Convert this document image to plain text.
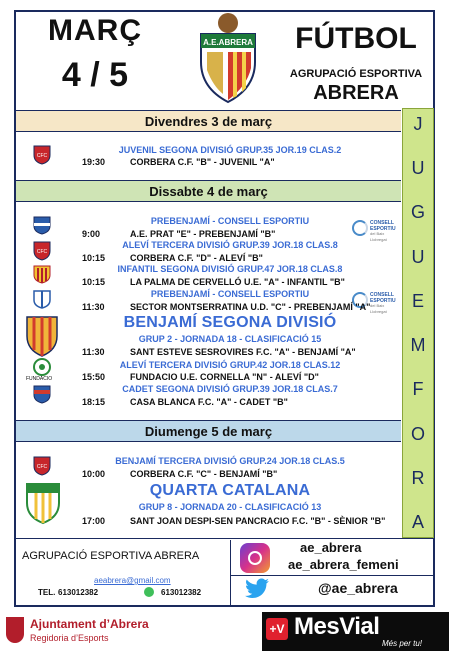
MARÇ
4 / 5
A.E.ABRERA	FÚTBOL
AGRUPACIÓ ESPORTIVA
ABRERA
J
U
G
U
E
M
F
O
R
A
Divendres 3 de març
CFC
JUVENIL SEGONA DIVISIÓ GRUP.35 JOR.19 CLAS.2
19:30	CORBERA C.F. "B" - JUVENIL "A"
Dissabte 4 de març
PREBENJAMÍ - CONSELL ESPORTIU	CONSELL
ESPORTIU
del Baix Llobregat
9:00	A.E. PRAT "E" - PREBENJAMÍ "B"
CFC
ALEVÍ TERCERA DIVISIÓ GRUP.39 JOR.18 CLAS.8
10:15	CORBERA C.F. "D" - ALEVÍ "B"
INFANTIL SEGONA DIVISIÓ GRUP.47 JOR.18 CLAS.8
10:15	LA PALMA DE CERVELLÓ U.E. "A" - INFANTIL "B"
PREBENJAMÍ - CONSELL ESPORTIU	CONSELL
ESPORTIU
del Baix Llobregat
11:30	SECTOR MONTSERRATINA U.D. "C" - PREBENJAMÍ "A"
BENJAMÍ SEGONA DIVISIÓ
GRUP 2 - JORNADA 18 - CLASIFICACIÓ 15
11:30	SANT ESTEVE SESROVIRES F.C. "A" - BENJAMÍ "A"
FUNDACIO
ALEVÍ TERCERA DIVISIÓ GRUP.42 JOR.18 CLAS.12
15:50	FUNDACIO U.E. CORNELLA "N" - ALEVÍ "D"
CADET SEGONA DIVISIÓ GRUP.39 JOR.18 CLAS.7
18:15	CASA BLANCA F.C. "A" - CADET "B"
Diumenge 5 de març
CFC
BENJAMÍ TERCERA DIVISIÓ GRUP.24 JOR.18 CLAS.5
10:00	CORBERA C.F. "C" - BENJAMÍ "B"
QUARTA CATALANA
GRUP 8 - JORNADA 20 - CLASIFICACIÓ 13
17:00	SANT JOAN DESPI-SEN PANCRACIO F.C. "B" - SÈNIOR "B"
AGRUPACIÓ ESPORTIVA ABRERA
aeabrera@gmail.com
TEL. 613012382	613012382
ae_abrera
ae_abrera_femeni
@ae_abrera
Ajuntament d’Abrera
Regidoria d’Esports
+V MesVial
Més per tu!
